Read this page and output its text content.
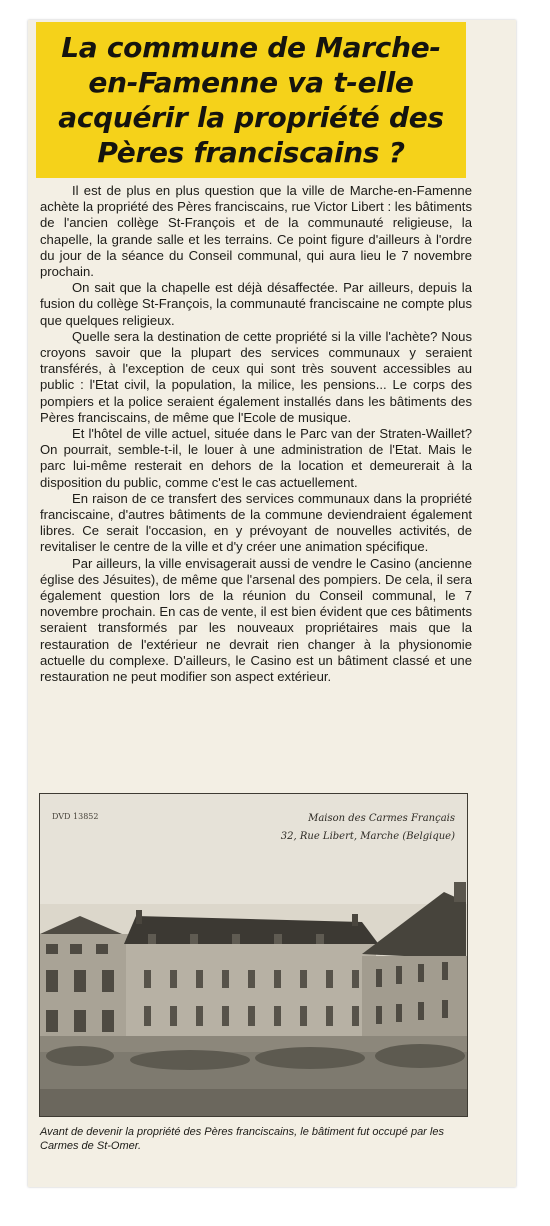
La commune de Marche-en-Famenne va t-elle acquérir la propriété des Pères franciscains ?

Il est de plus en plus question que la ville de Marche-en-Famenne achète la propriété des Pères franciscains, rue Victor Libert : les bâtiments de l'ancien collège St-François et de la communauté religieuse, la chapelle, la grande salle et les terrains. Ce point figure d'ailleurs à l'ordre du jour de la séance du Conseil communal, qui aura lieu le 7 novembre prochain.

On sait que la chapelle est déjà désaffectée. Par ailleurs, depuis la fusion du collège St-François, la communauté franciscaine ne compte plus que quelques religieux.

Quelle sera la destination de cette propriété si la ville l'achète? Nous croyons savoir que la plupart des services communaux y seraient transférés, à l'exception de ceux qui sont très souvent accessibles au public : l'Etat civil, la population, la milice, les pensions... Le corps des pompiers et la police seraient également installés dans les bâtiments des Pères franciscains, de même que l'Ecole de musique.

Et l'hôtel de ville actuel, située dans le Parc van der Straten-Waillet? On pourrait, semble-t-il, le louer à une administration de l'Etat. Mais le parc lui-même resterait en dehors de la location et demeurerait à la disposition du public, comme c'est le cas actuellement.

En raison de ce transfert des services communaux dans la propriété franciscaine, d'autres bâtiments de la commune deviendraient également libres. Ce serait l'occasion, en y prévoyant de nouvelles activités, de revitaliser le centre de la ville et d'y créer une animation spécifique.

Par ailleurs, la ville envisagerait aussi de vendre le Casino (ancienne église des Jésuites), de même que l'arsenal des pompiers. De cela, il sera également question lors de la réunion du Conseil communal, le 7 novembre prochain. En cas de vente, il est bien évident que ces bâtiments seraient transformés par les nouveaux propriétaires mais que la restauration de l'extérieur ne devrait rien changer à la physionomie actuelle du complexe. D'ailleurs, le Casino est un bâtiment classé et une restauration ne peut modifier son aspect extérieur.

DVD 13852	Maison des Carmes Français
32, Rue Libert, Marche (Belgique)
Avant de devenir la propriété des Pères franciscains, le bâtiment fut occupé par les Carmes de St-Omer.
